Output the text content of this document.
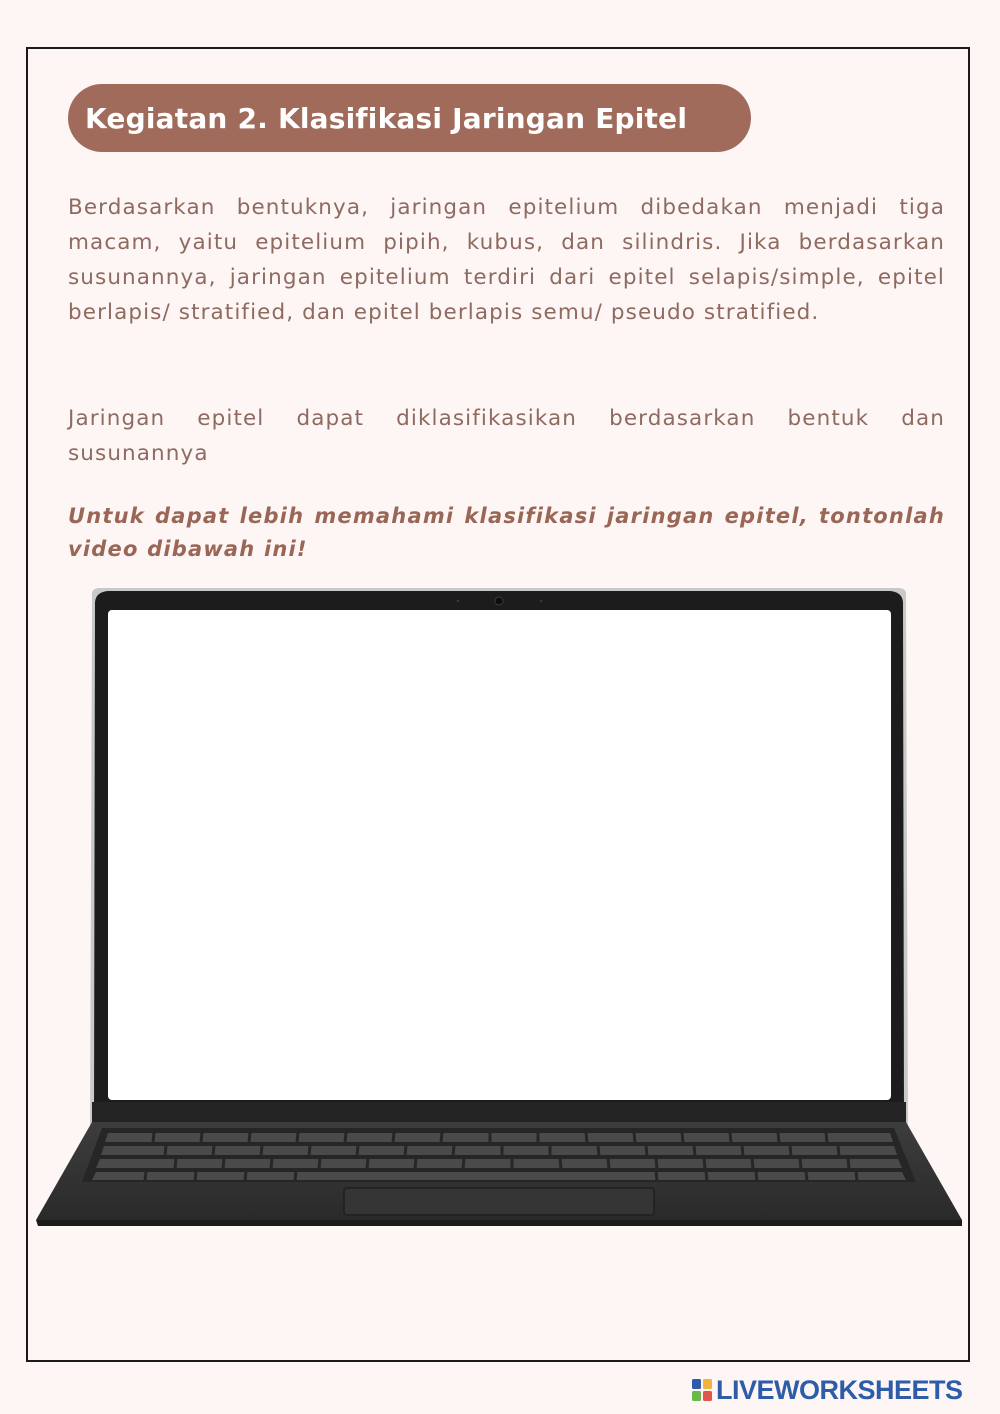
Kegiatan 2. Klasifikasi Jaringan Epitel

Berdasarkan bentuknya, jaringan epitelium dibedakan menjadi tiga macam, yaitu epitelium pipih, kubus, dan silindris. Jika berdasarkan susunannya, jaringan epitelium terdiri dari epitel selapis/simple, epitel berlapis/ stratified, dan epitel berlapis semu/ pseudo stratified.

Jaringan epitel dapat diklasifikasikan berdasarkan bentuk dan susunannya

Untuk dapat lebih memahami klasifikasi jaringan epitel, tontonlah video dibawah ini!

LIVEWORKSHEETS
